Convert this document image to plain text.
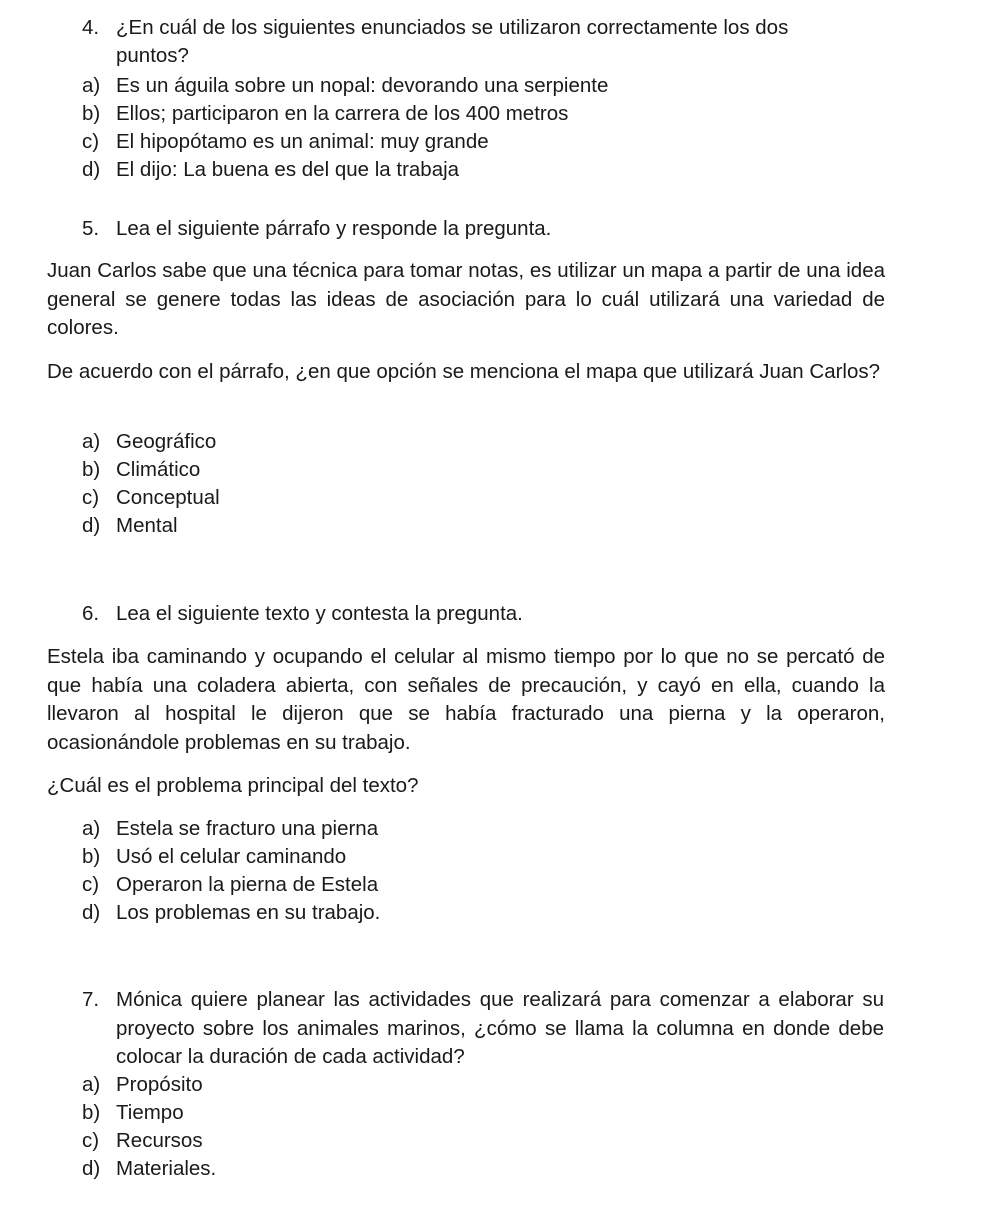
4. ¿En cuál de los siguientes enunciados se utilizaron correctamente los dos
puntos?
a) Es un águila sobre un nopal: devorando una serpiente
b) Ellos; participaron en la carrera de los 400 metros
c) El hipopótamo es un animal: muy grande
d) El dijo: La buena es del que la trabaja
5. Lea el siguiente párrafo y responde la pregunta.
Juan Carlos sabe que una técnica para tomar notas, es utilizar un mapa a partir de una idea general se genere todas las ideas de asociación para lo cuál utilizará una variedad de colores.
De acuerdo con el párrafo, ¿en que opción se menciona el mapa que utilizará Juan Carlos?
a) Geográfico
b) Climático
c) Conceptual
d) Mental
6. Lea el siguiente texto y contesta la pregunta.
Estela iba caminando y ocupando el celular al mismo tiempo por lo que no se percató de que había una coladera abierta, con señales de precaución, y cayó en ella, cuando la llevaron al hospital le dijeron que se había fracturado una pierna y la operaron, ocasionándole problemas en su trabajo.
¿Cuál es el problema principal del texto?
a) Estela se fracturo una pierna
b) Usó el celular caminando
c) Operaron la pierna de Estela
d) Los problemas en su trabajo.
7. Mónica quiere planear las actividades que realizará para comenzar a elaborar su proyecto sobre los animales marinos, ¿cómo se llama la columna en donde debe colocar la duración de cada actividad?
a) Propósito
b) Tiempo
c) Recursos
d) Materiales.
